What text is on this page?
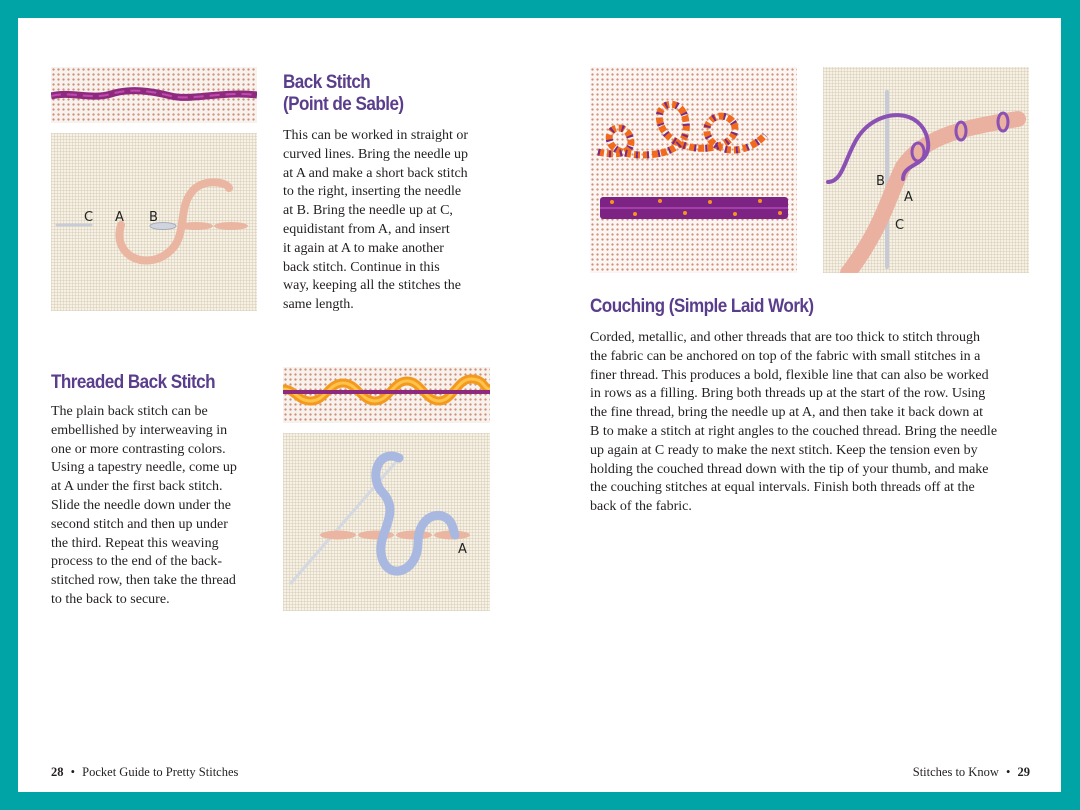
C A B
Back Stitch
(Point de Sable)
This can be worked in straight or
curved lines. Bring the needle up
at A and make a short back stitch
to the right, inserting the needle
at B. Bring the needle up at C,
equidistant from A, and insert
it again at A to make another
back stitch. Continue in this
way, keeping all the stitches the
same length.
Threaded Back Stitch
The plain back stitch can be
embellished by interweaving in
one or more contrasting colors.
Using a tapestry needle, come up
at A under the first back stitch.
Slide the needle down under the
second stitch and then up under
the third. Repeat this weaving
process to the end of the back-
stitched row, then take the thread
to the back to secure.
A
28 • Pocket Guide to Pretty Stitches
B
A
C
Couching (Simple Laid Work)
Corded, metallic, and other threads that are too thick to stitch through
the fabric can be anchored on top of the fabric with small stitches in a
finer thread. This produces a bold, flexible line that can also be worked
in rows as a filling. Bring both threads up at the start of the row. Using
the fine thread, bring the needle up at A, and then take it back down at
B to make a stitch at right angles to the couched thread. Bring the needle
up again at C ready to make the next stitch. Keep the tension even by
holding the couched thread down with the tip of your thumb, and make
the couching stitches at equal intervals. Finish both threads off at the
back of the fabric.
Stitches to Know • 29
